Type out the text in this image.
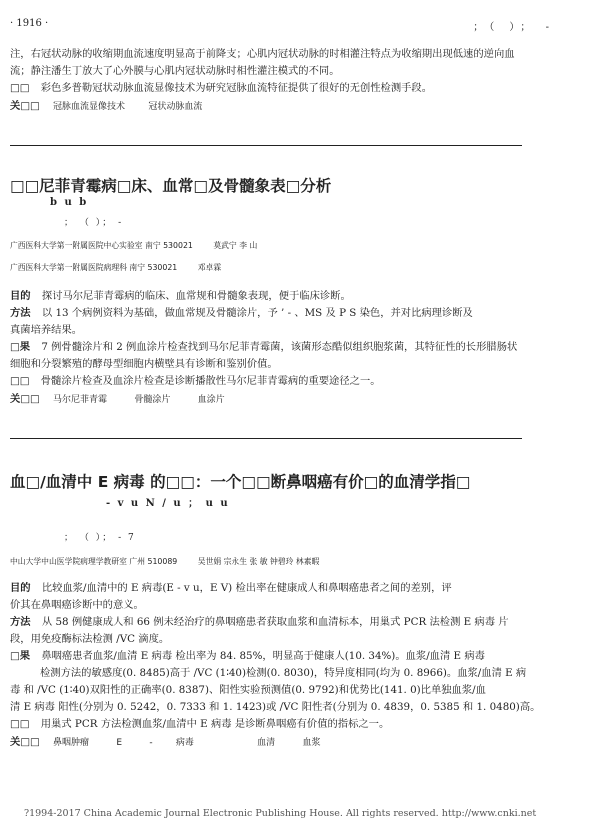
· 1916 ·	；（ ）； -
注，右冠状动脉的收缩期血流速度明显高于前降支；心肌内冠状动脉的时相灌注特点为收缩期出现低速的逆向血
流；静注潘生丁放大了心外膜与心肌内冠状动脉时相性灌注模式的不同。
□□ 彩色多普勒冠状动脉血流显像技术为研究冠脉血流特征提供了很好的无创性检测手段。
关□□ 冠脉血流显像技术	冠状动脉血流
□□尼菲青霉病□床、血常□及骨髓象表□分析
b u b
； （ ）； -
广西医科大学第一附属医院中心实验室 南宁 530021	莫武宁 李 山
广西医科大学第一附属医院病理科 南宁 530021	邓卓霖
目的 探讨马尔尼菲青霉病的临床、血常规和骨髓象表现，便于临床诊断。
方法 以 13 个病例资料为基础，做血常规及骨髓涂片，予 ’ - 、MS 及 P S 染色，并对比病理诊断及
真菌培养结果。
□果 7 例骨髓涂片和 2 例血涂片检查找到马尔尼菲青霉菌，该菌形态酷似组织胞浆菌，其特征性的长形腊肠状
细胞和分裂繁殖的酵母型细胞内横壁具有诊断和鉴别价值。
□□ 骨髓涂片检查及血涂片检查是诊断播散性马尔尼菲青霉病的重要途径之一。
关□□ 马尔尼菲青霉	骨髓涂片	血涂片
血□/血清中 E 病毒 的□□：一个□□断鼻咽癌有价□的血清学指□
- v u N / u ； u u
； （ ）； - 7
中山大学中山医学院病理学教研室 广州 510089	吴世娟 宗永生 张 敏 钟碧玲 林素暇
目的 比较血浆/血清中的 E 病毒(E - v u，E V) 检出率在健康成人和鼻咽癌患者之间的差别，评
价其在鼻咽癌诊断中的意义。
方法 从 58 例健康成人和 66 例未经治疗的鼻咽癌患者获取血浆和血清标本，用巢式 PCR 法检测 E 病毒 片
段，用免疫酶标法检测 /VC 滴度。
□果 鼻咽癌患者血浆/血清 E 病毒 检出率为 84. 85%，明显高于健康人(10. 34%)。血浆/血清 E 病毒
检测方法的敏感度(0. 8485)高于 /VC (1∶40)检测(0. 8030)，特异度相同(均为 0. 8966)。血浆/血清 E 病
毒 和 /VC (1∶40)双阳性的正确率(0. 8387)、阳性实验预测值(0. 9792)和优势比(141. 0)比单独血浆/血
清 E 病毒 阳性(分别为 0. 5242，0. 7333 和 1. 1423)或 /VC 阳性者(分别为 0. 4839，0. 5385 和 1. 0480)高。
□□ 用巢式 PCR 方法检测血浆/血清中 E 病毒 是诊断鼻咽癌有价值的指标之一。
关□□ 鼻咽肿瘤	E	-	病毒	血清	血浆
?1994-2017 China Academic Journal Electronic Publishing House. All rights reserved. http://www.cnki.net
